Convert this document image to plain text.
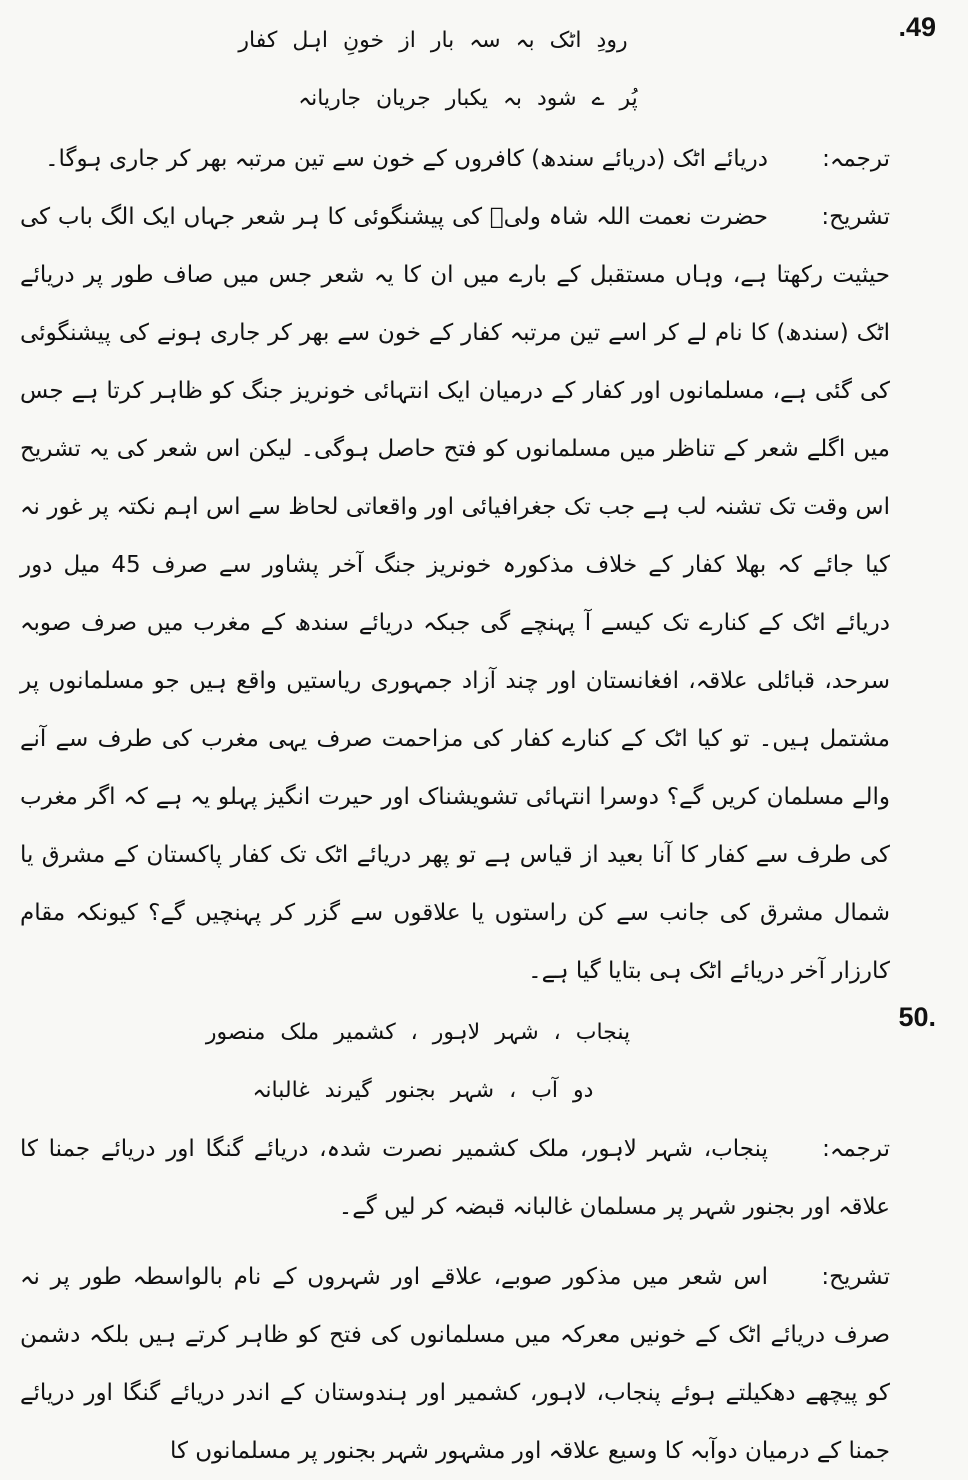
.49
رودِ اٹک بہ سہ بار از خونِ اہل کفار
پُر ے شود بہ یکبار جریان جاریانہ

ترجمہ:دریائے اٹک (دریائے سندھ) کافروں کے خون سے تین مرتبہ بھر کر جاری ہوگا۔

تشریح:حضرت نعمت اللہ شاہ ولیؒ کی پیشنگوئی کا ہر شعر جہاں ایک الگ باب کی حیثیت رکھتا ہے، وہاں مستقبل کے بارے میں ان کا یہ شعر جس میں صاف طور پر دریائے اٹک (سندھ) کا نام لے کر اسے تین مرتبہ کفار کے خون سے بھر کر جاری ہونے کی پیشنگوئی کی گئی ہے، مسلمانوں اور کفار کے درمیان ایک انتہائی خونریز جنگ کو ظاہر کرتا ہے جس میں اگلے شعر کے تناظر میں مسلمانوں کو فتح حاصل ہوگی۔ لیکن اس شعر کی یہ تشریح اس وقت تک تشنہ لب ہے جب تک جغرافیائی اور واقعاتی لحاظ سے اس اہم نکتہ پر غور نہ کیا جائے کہ بھلا کفار کے خلاف مذکورہ خونریز جنگ آخر پشاور سے صرف 45 میل دور دریائے اٹک کے کنارے تک کیسے آ پہنچے گی جبکہ دریائے سندھ کے مغرب میں صرف صوبہ سرحد، قبائلی علاقہ، افغانستان اور چند آزاد جمہوری ریاستیں واقع ہیں جو مسلمانوں پر مشتمل ہیں۔ تو کیا اٹک کے کنارے کفار کی مزاحمت صرف یہی مغرب کی طرف سے آنے والے مسلمان کریں گے؟ دوسرا انتہائی تشویشناک اور حیرت انگیز پہلو یہ ہے کہ اگر مغرب کی طرف سے کفار کا آنا بعید از قیاس ہے تو پھر دریائے اٹک تک کفار پاکستان کے مشرق یا شمال مشرق کی جانب سے کن راستوں یا علاقوں سے گزر کر پہنچیں گے؟ کیونکہ مقام کارزار آخر دریائے اٹک ہی بتایا گیا ہے۔

50.
پنجاب ، شہر لاہور ، کشمیر ملک منصور
دو آب ، شہر بجنور گیرند غالبانہ

ترجمہ:پنجاب، شہر لاہور، ملک کشمیر نصرت شدہ، دریائے گنگا اور دریائے جمنا کا علاقہ اور بجنور شہر پر مسلمان غالبانہ قبضہ کر لیں گے۔

تشریح:اس شعر میں مذکور صوبے، علاقے اور شہروں کے نام بالواسطہ طور پر نہ صرف دریائے اٹک کے خونیں معرکہ میں مسلمانوں کی فتح کو ظاہر کرتے ہیں بلکہ دشمن کو پیچھے دھکیلتے ہوئے پنجاب، لاہور، کشمیر اور ہندوستان کے اندر دریائے گنگا اور دریائے جمنا کے درمیان دوآبہ کا وسیع علاقہ اور مشہور شہر بجنور پر مسلمانوں کا
